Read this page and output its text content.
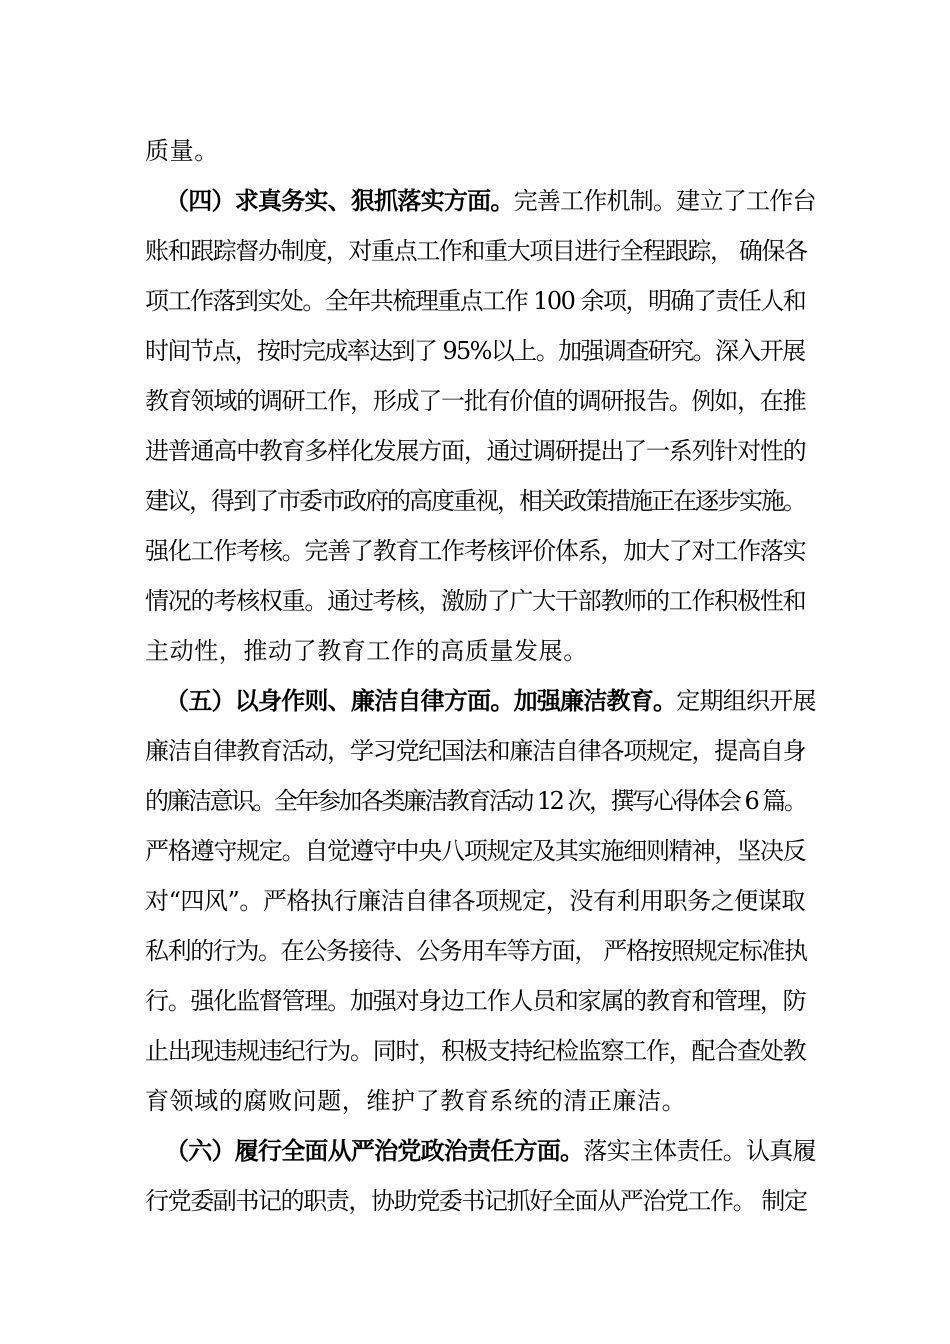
质量。
（四）求真务实、狠抓落实方面。完善工作机制。建立了工作台
账和跟踪督办制度，对重点工作和重大项目进行全程跟踪， 确保各
项工作落到实处。全年共梳理重点工作 100 余项，明确了责任人和
时间节点，按时完成率达到了 95%以上。加强调查研究。深入开展
教育领域的调研工作，形成了一批有价值的调研报告。例如，在推
进普通高中教育多样化发展方面，通过调研提出了一系列针对性的
建议，得到了市委市政府的高度重视，相关政策措施正在逐步实施。
强化工作考核。完善了教育工作考核评价体系，加大了对工作落实
情况的考核权重。通过考核，激励了广大干部教师的工作积极性和
主动性，推动了教育工作的高质量发展。
（五）以身作则、廉洁自律方面。加强廉洁教育。定期组织开展
廉洁自律教育活动，学习党纪国法和廉洁自律各项规定，提高自身
的廉洁意识。全年参加各类廉洁教育活动 12 次，撰写心得体会 6 篇。
严格遵守规定。自觉遵守中央八项规定及其实施细则精神，坚决反
对“四风”。严格执行廉洁自律各项规定，没有利用职务之便谋取
私利的行为。在公务接待、公务用车等方面， 严格按照规定标准执
行。强化监督管理。加强对身边工作人员和家属的教育和管理，防
止出现违规违纪行为。同时，积极支持纪检监察工作，配合查处教
育领域的腐败问题，维护了教育系统的清正廉洁。
（六）履行全面从严治党政治责任方面。落实主体责任。认真履
行党委副书记的职责，协助党委书记抓好全面从严治党工作。 制定
